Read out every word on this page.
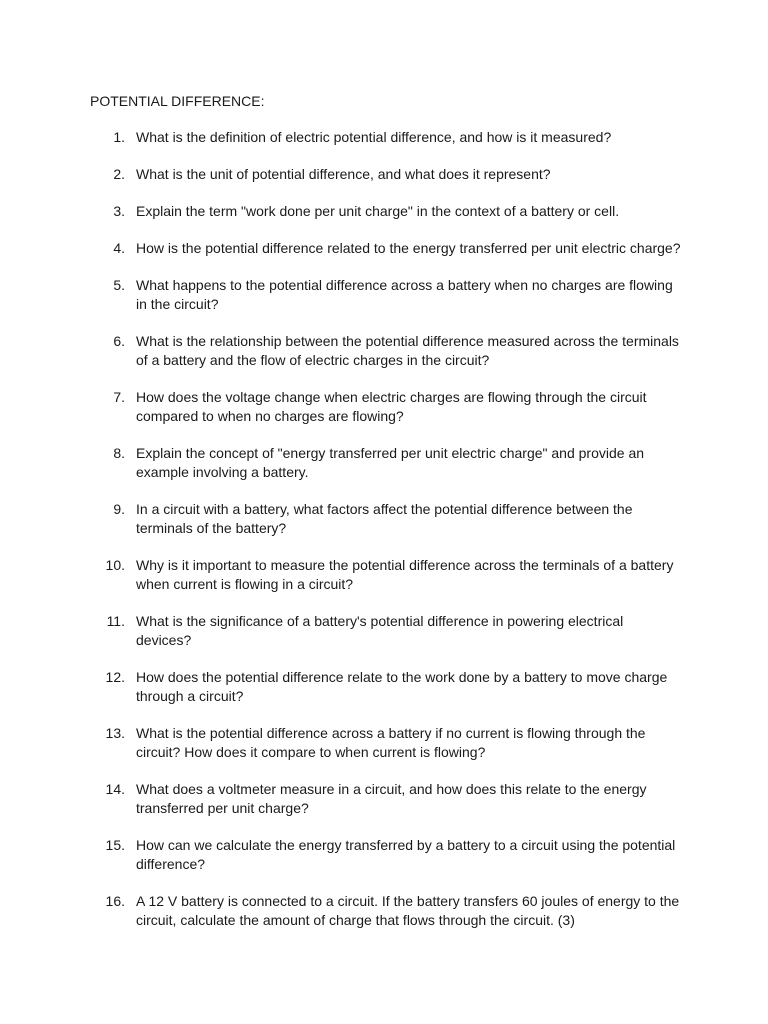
POTENTIAL DIFFERENCE:
1. What is the definition of electric potential difference, and how is it measured?
2. What is the unit of potential difference, and what does it represent?
3. Explain the term "work done per unit charge" in the context of a battery or cell.
4. How is the potential difference related to the energy transferred per unit electric charge?
5. What happens to the potential difference across a battery when no charges are flowing in the circuit?
6. What is the relationship between the potential difference measured across the terminals of a battery and the flow of electric charges in the circuit?
7. How does the voltage change when electric charges are flowing through the circuit compared to when no charges are flowing?
8. Explain the concept of "energy transferred per unit electric charge" and provide an example involving a battery.
9. In a circuit with a battery, what factors affect the potential difference between the terminals of the battery?
10. Why is it important to measure the potential difference across the terminals of a battery when current is flowing in a circuit?
11. What is the significance of a battery's potential difference in powering electrical devices?
12. How does the potential difference relate to the work done by a battery to move charge through a circuit?
13. What is the potential difference across a battery if no current is flowing through the circuit? How does it compare to when current is flowing?
14. What does a voltmeter measure in a circuit, and how does this relate to the energy transferred per unit charge?
15. How can we calculate the energy transferred by a battery to a circuit using the potential difference?
16. A 12 V battery is connected to a circuit. If the battery transfers 60 joules of energy to the circuit, calculate the amount of charge that flows through the circuit. (3)
